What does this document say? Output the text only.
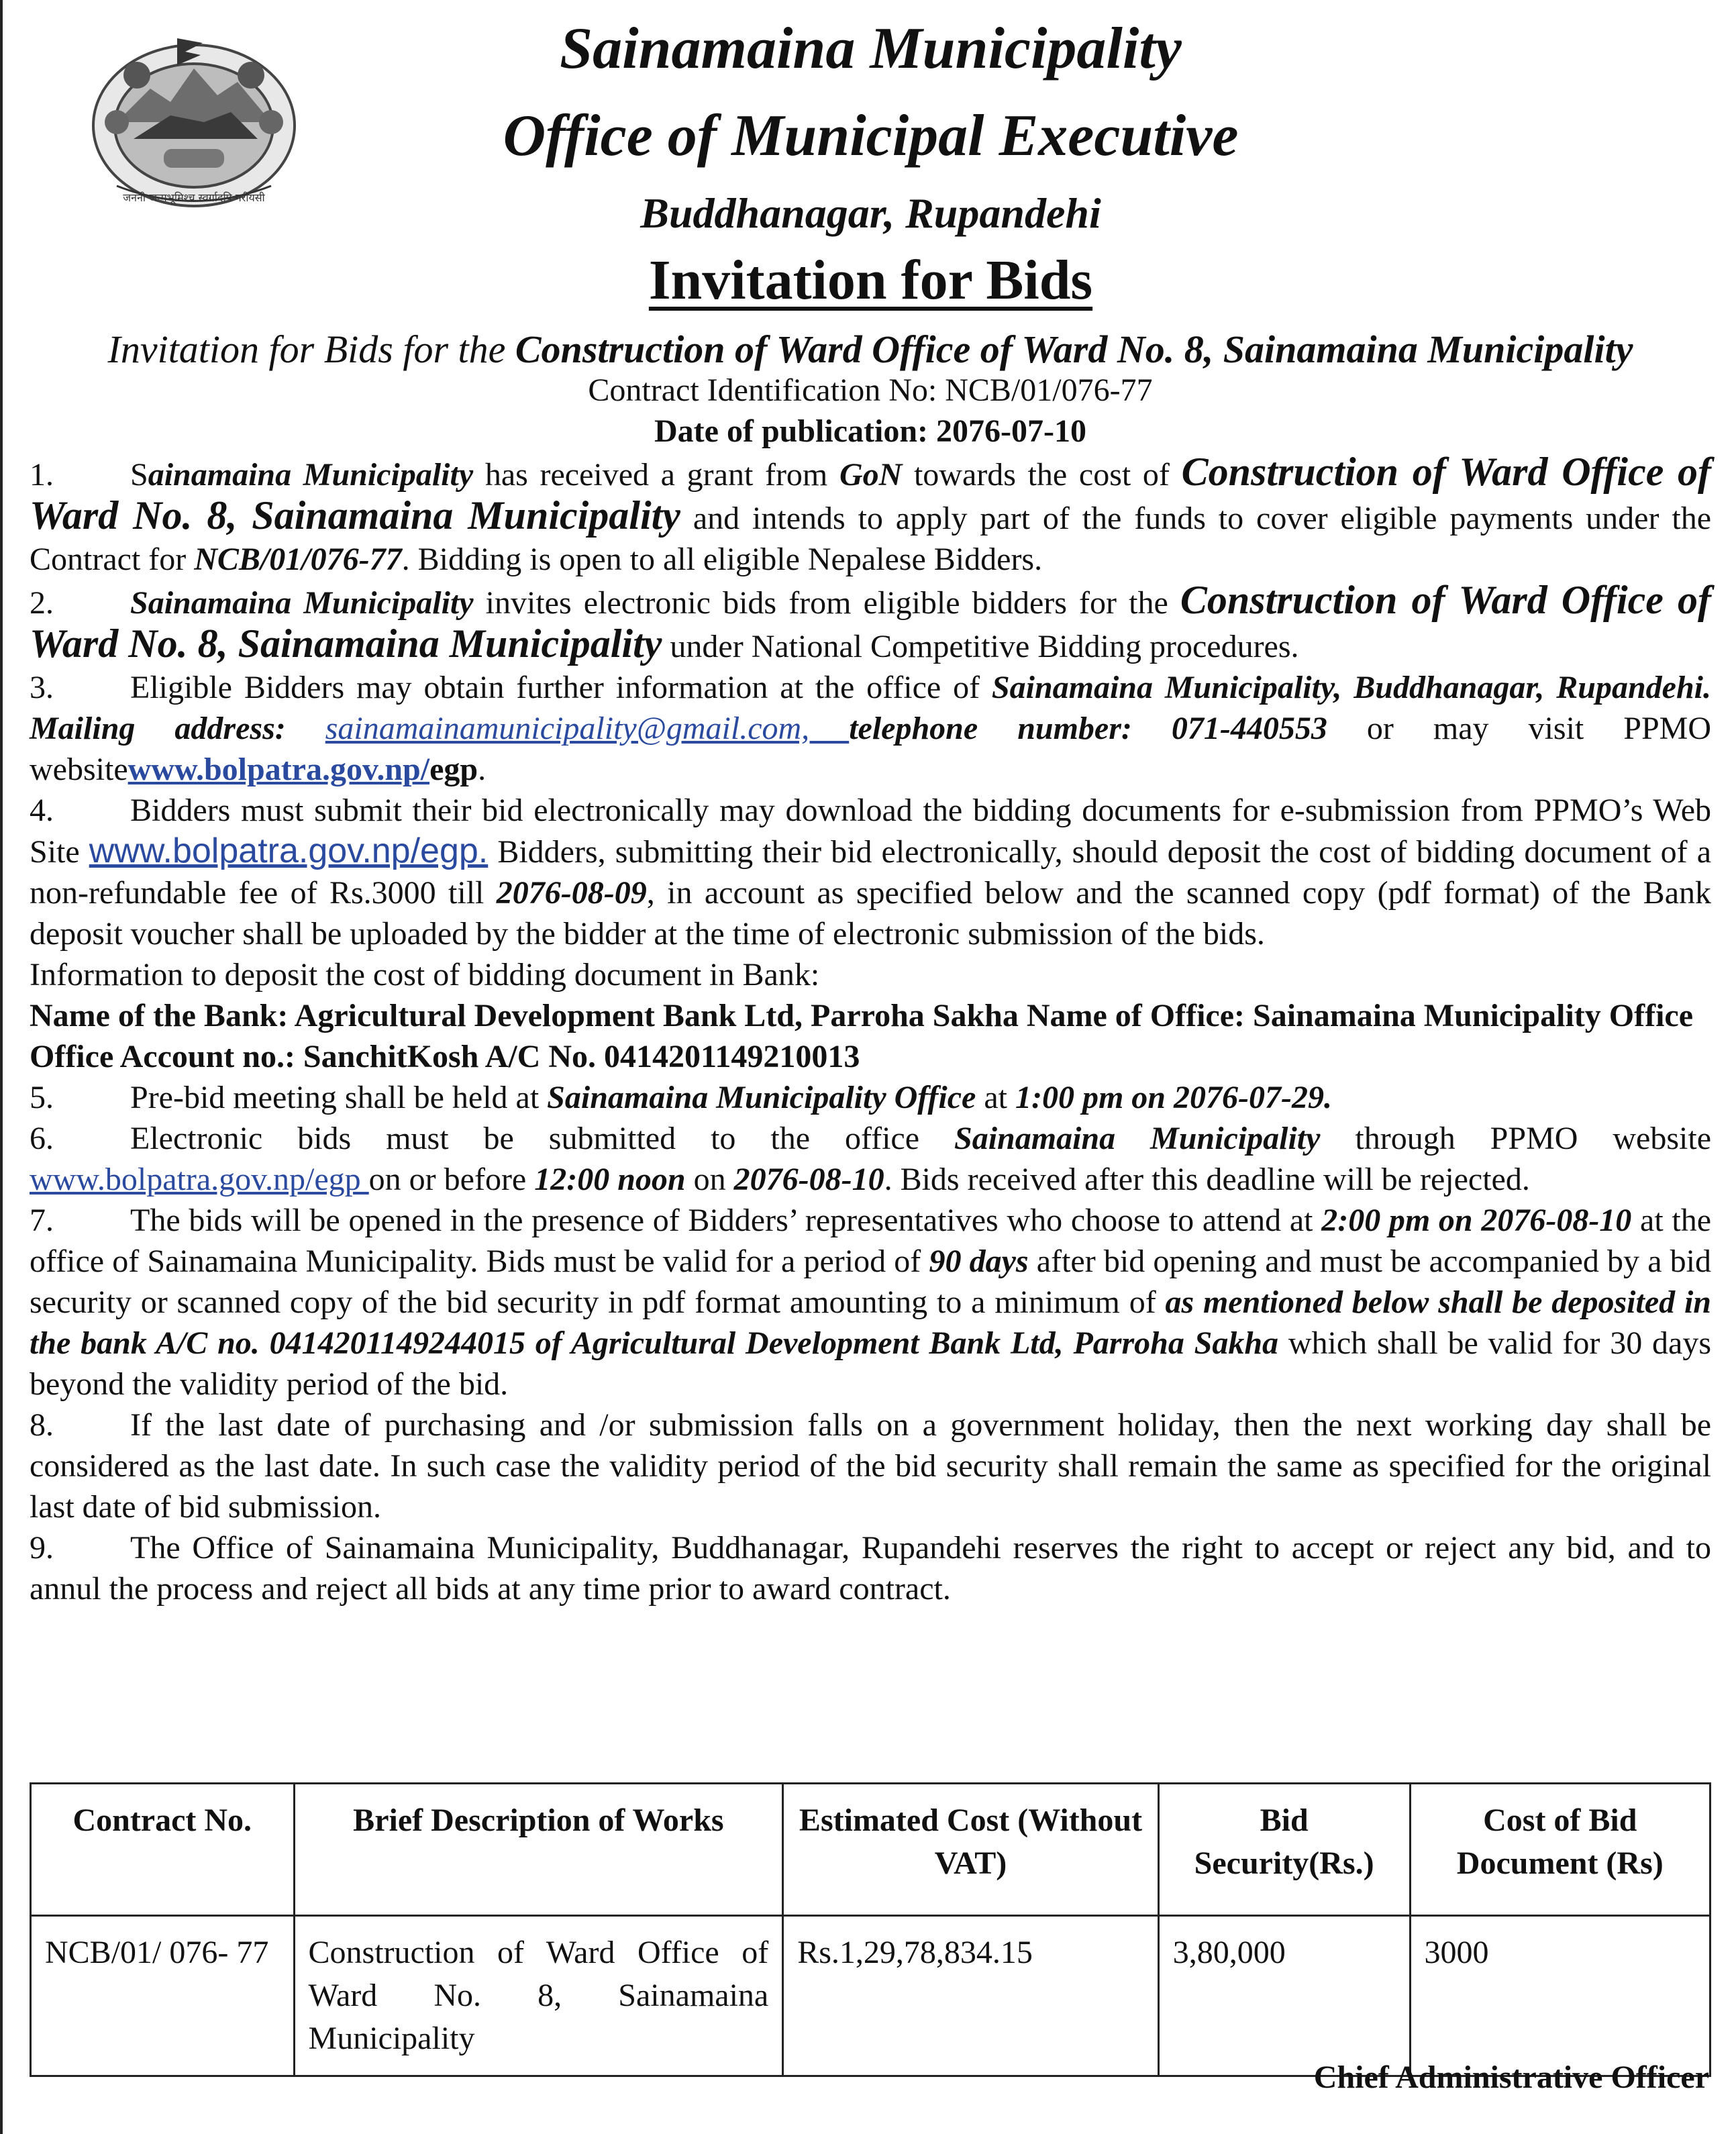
जननी जन्मभूमिश्च स्वर्गादपि गरीयसी
Sainamaina Municipality
Office of Municipal Executive
Buddhanagar, Rupandehi
Invitation for Bids

Invitation for Bids for the Construction of Ward Office of Ward No. 8, Sainamaina Municipality

Contract Identification No: NCB/01/076-77

Date of publication: 2076-07-10

1. Sainamaina Municipality has received a grant from GoN towards the cost of Construction of Ward Office of Ward No. 8, Sainamaina Municipality and intends to apply part of the funds to cover eligible payments under the Contract for NCB/01/076-77. Bidding is open to all eligible Nepalese Bidders.

2. Sainamaina Municipality invites electronic bids from eligible bidders for the Construction of Ward Office of Ward No. 8, Sainamaina Municipality under National Competitive Bidding procedures.

3. Eligible Bidders may obtain further information at the office of Sainamaina Municipality, Buddhanagar, Rupandehi. Mailing address: sainamainamunicipality@gmail.com, telephone number: 071-440553 or may visit PPMO websitewww.bolpatra.gov.np/egp.

4. Bidders must submit their bid electronically may download the bidding documents for e-submission from PPMO’s Web Site www.bolpatra.gov.np/egp. Bidders, submitting their bid electronically, should deposit the cost of bidding document of a non-refundable fee of Rs.3000 till 2076-08-09, in account as specified below and the scanned copy (pdf format) of the Bank deposit voucher shall be uploaded by the bidder at the time of electronic submission of the bids.

Information to deposit the cost of bidding document in Bank:

Name of the Bank: Agricultural Development Bank Ltd, Parroha Sakha Name of Office: Sainamaina Municipality Office

Office Account no.: SanchitKosh A/C No. 0414201149210013

5. Pre-bid meeting shall be held at Sainamaina Municipality Office at 1:00 pm on 2076-07-29.

6. Electronic bids must be submitted to the office Sainamaina Municipality through PPMO website www.bolpatra.gov.np/egp on or before 12:00 noon on 2076-08-10. Bids received after this deadline will be rejected.

7. The bids will be opened in the presence of Bidders’ representatives who choose to attend at 2:00 pm on 2076-08-10 at the office of Sainamaina Municipality. Bids must be valid for a period of 90 days after bid opening and must be accompanied by a bid security or scanned copy of the bid security in pdf format amounting to a minimum of as mentioned below shall be deposited in the bank A/C no. 0414201149244015 of Agricultural Development Bank Ltd, Parroha Sakha which shall be valid for 30 days beyond the validity period of the bid.

8. If the last date of purchasing and /or submission falls on a government holiday, then the next working day shall be considered as the last date. In such case the validity period of the bid security shall remain the same as specified for the original last date of bid submission.

9. The Office of Sainamaina Municipality, Buddhanagar, Rupandehi reserves the right to accept or reject any bid, and to annul the process and reject all bids at any time prior to award contract.

Contract No.	Brief Description of Works	Estimated Cost (Without VAT)	Bid Security(Rs.)	Cost of Bid Document (Rs)
NCB/01/ 076- 77	Construction of Ward Office of Ward No. 8, Sainamaina Municipality	Rs.1,29,78,834.15	3,80,000	3000
Chief Administrative Officer
